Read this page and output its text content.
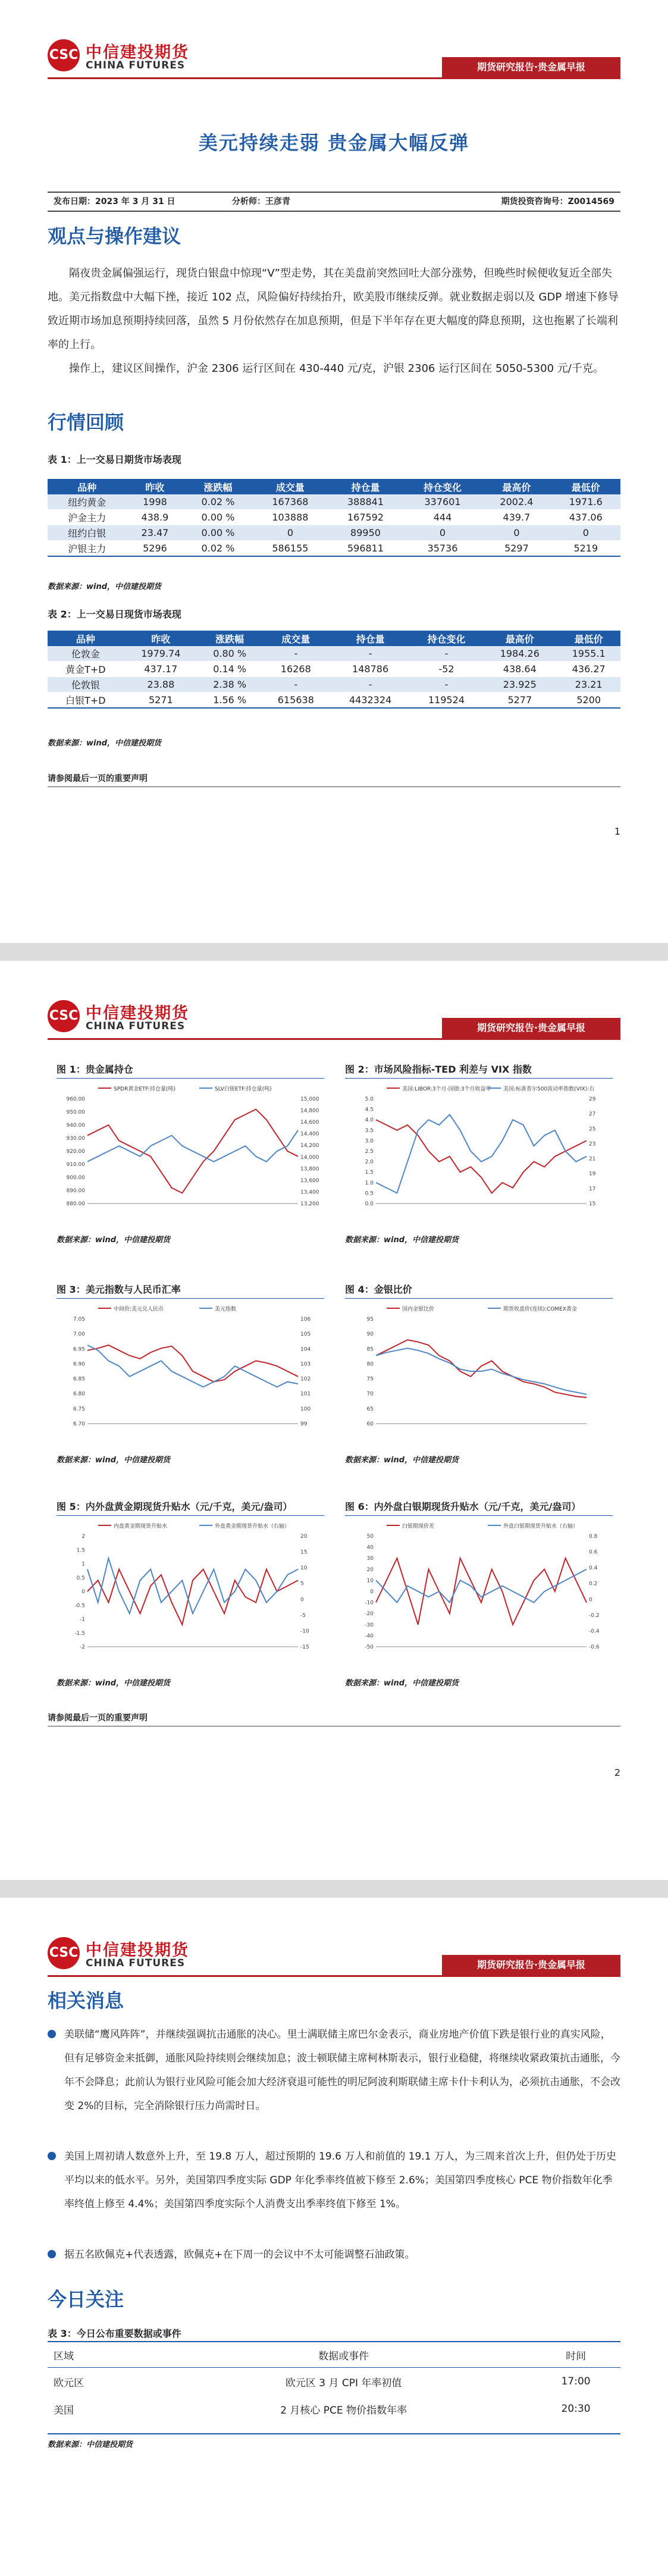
CSC 中信建投期货
CHINA FUTURES	期货研究报告·贵金属早报
美元持续走弱 贵金属大幅反弹
发布日期：2023 年 3 月 31 日	分析师：王彦青	期货投资咨询号：Z0014569
观点与操作建议

隔夜贵金属偏强运行，现货白银盘中惊现“V”型走势，其在美盘前突然回吐大部分涨势，但晚些时候便收复近全部失地。美元指数盘中大幅下挫，接近 102 点，风险偏好持续抬升，欧美股市继续反弹。就业数据走弱以及 GDP 增速下修导致近期市场加息预期持续回落，虽然 5 月份依然存在加息预期，但是下半年存在更大幅度的降息预期，这也拖累了长端利率的上行。

操作上，建议区间操作，沪金 2306 运行区间在 430-440 元/克，沪银 2306 运行区间在 5050-5300 元/千克。

行情回顾
表 1：上一交易日期货市场表现
品种	昨收	涨跌幅	成交量	持仓量	持仓变化	最高价	最低价
纽约黄金	1998	0.02 %	167368	388841	337601	2002.4	1971.6
沪金主力	438.9	0.00 %	103888	167592	444	439.7	437.06
纽约白银	23.47	0.00 %	0	89950	0	0	0
沪银主力	5296	0.02 %	586155	596811	35736	5297	5219
数据来源：wind，中信建投期货
表 2：上一交易日现货市场表现
品种	昨收	涨跌幅	成交量	持仓量	持仓变化	最高价	最低价
伦敦金	1979.74	0.80 %	-	-	-	1984.26	1955.1
黄金T+D	437.17	0.14 %	16268	148786	-52	438.64	436.27
伦敦银	23.88	2.38 %	-	-	-	23.925	23.21
白银T+D	5271	1.56 %	615638	4432324	119524	5277	5200
数据来源：wind，中信建投期货
请参阅最后一页的重要声明
1
CSC 中信建投期货
CHINA FUTURES	期货研究报告·贵金属早报
图 1：贵金属持仓
SPDR黄金ETF:持仓量(吨)	SLV白银ETF:持仓量(吨)
960.00
950.00
940.00
930.00
920.00
910.00
900.00
890.00
880.00
15,000
14,800
14,600
14,400
14,200
14,000
13,800
13,600
13,400
13,200
数据来源：wind，中信建投期货
图 2：市场风险指标-TED 利差与 VIX 指数
美国:LIBOR:3个月-国债:3个月收益率 美国:标准普尔500波动率指数(VIX):右
5.0
4.5
4.0
3.5
3.0
2.5
2.0
1.5
1.0
0.5
0.0
29
27
25
23
21
19
17
15
数据来源：wind，中信建投期货
图 3：美元指数与人民币汇率
中间价:美元兑人民币	美元指数
7.05
7.00
6.95
6.90
6.85
6.80
6.75
6.70
106
105
104
103
102
101
100
99
数据来源：wind，中信建投期货
图 4：金银比价
国内金银比价	期货收盘价(连续):COMEX黄金
95
90
85
80
75
70
65
60
数据来源：wind，中信建投期货
图 5：内外盘黄金期现货升贴水（元/千克，美元/盎司）
内盘黄金期现货升贴水	外盘黄金期现货升贴水（右轴）
2
1.5
1
0.5
0
-0.5
-1
-1.5
-2
20
15
10
5
0
-5
-10
-15
数据来源：wind，中信建投期货
图 6：内外盘白银期现货升贴水（元/千克，美元/盎司）
白银期现价差	外盘白银期现货升贴水（右轴）
50
40
30
20
10
0
-10
-20
-30
-40
-50
0.8
0.6
0.4
0.2
0
-0.2
-0.4
-0.6
数据来源：wind，中信建投期货
请参阅最后一页的重要声明
2
CSC 中信建投期货
CHINA FUTURES	期货研究报告·贵金属早报
相关消息
美联储“鹰风阵阵”，并继续强调抗击通胀的决心。里士满联储主席巴尔金表示，商业房地产价值下跌是银行业的真实风险，但有足够资金来抵御，通胀风险持续则会继续加息；波士顿联储主席柯林斯表示，银行业稳健，将继续收紧政策抗击通胀，今年不会降息；此前认为银行业风险可能会加大经济衰退可能性的明尼阿波利斯联储主席卡什卡利认为，必须抗击通胀，不会改变 2%的目标，完全消除银行压力尚需时日。
美国上周初请人数意外上升，至 19.8 万人，超过预期的 19.6 万人和前值的 19.1 万人，为三周来首次上升，但仍处于历史平均以来的低水平。另外，美国第四季度实际 GDP 年化季率终值被下修至 2.6%；美国第四季度核心 PCE 物价指数年化季率终值上修至 4.4%；美国第四季度实际个人消费支出季率终值下修至 1%。
据五名欧佩克+代表透露，欧佩克+在下周一的会议中不太可能调整石油政策。
今日关注
表 3：今日公布重要数据或事件
区域	数据或事件	时间
欧元区	欧元区 3 月 CPI 年率初值	17:00
美国	2 月核心 PCE 物价指数年率	20:30
数据来源：中信建投期货
